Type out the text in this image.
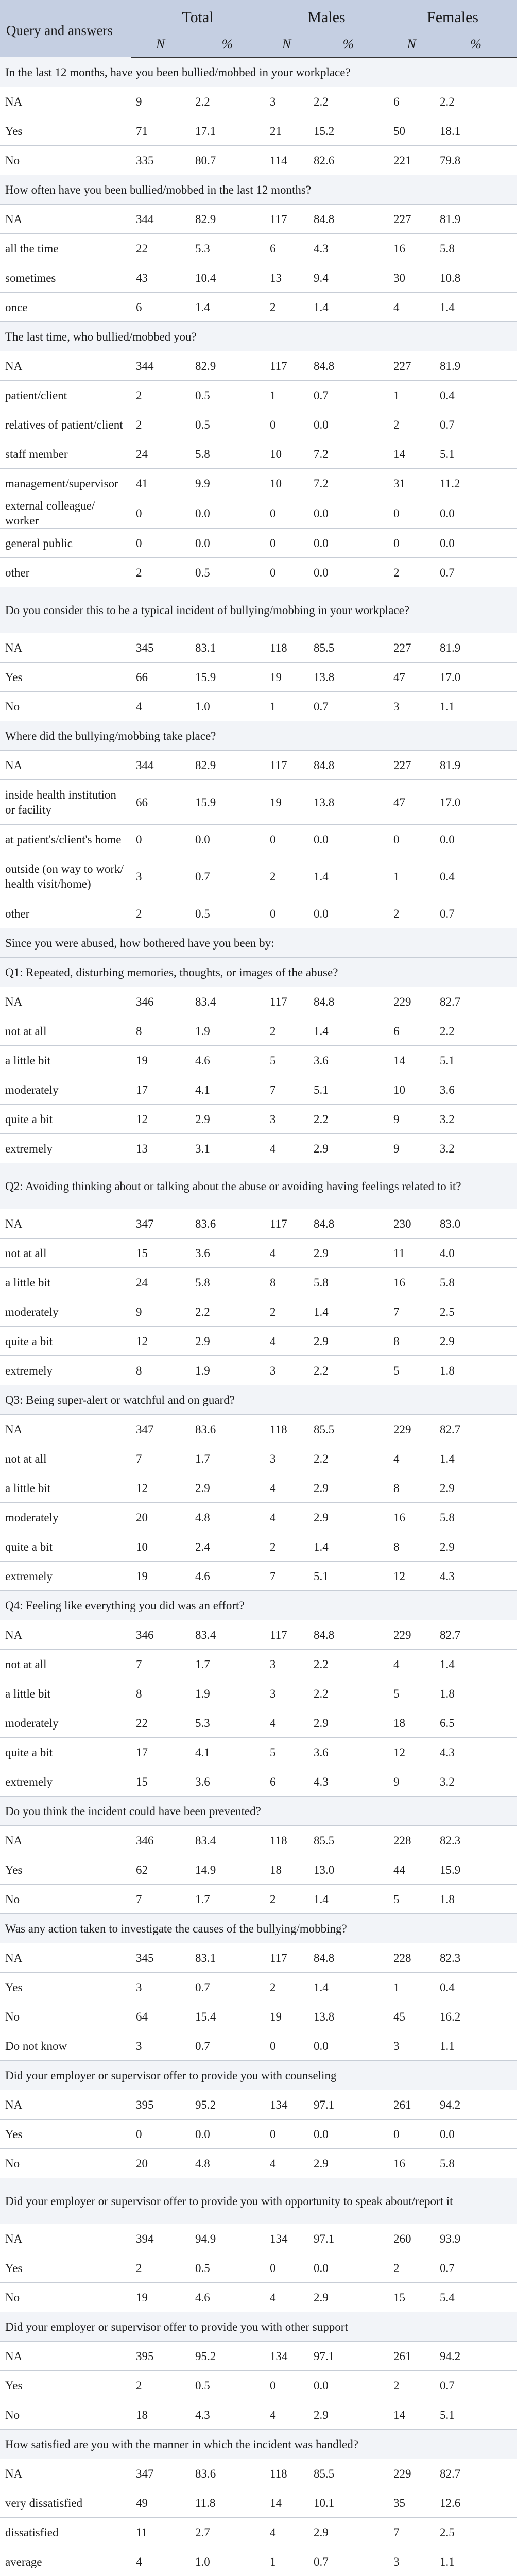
Query and answers	Total		Males		Females	
	N	%	N	%	N	%
In the last 12 months, have you been bullied/mobbed in your workplace?						
NA	9	2.2	3	2.2	6	2.2
Yes	71	17.1	21	15.2	50	18.1
No	335	80.7	114	82.6	221	79.8
How often have you been bullied/mobbed in the last 12 months?						
NA	344	82.9	117	84.8	227	81.9
all the time	22	5.3	6	4.3	16	5.8
sometimes	43	10.4	13	9.4	30	10.8
once	6	1.4	2	1.4	4	1.4
The last time, who bullied/mobbed you?						
NA	344	82.9	117	84.8	227	81.9
patient/client	2	0.5	1	0.7	1	0.4
relatives of patient/client	2	0.5	0	0.0	2	0.7
staff member	24	5.8	10	7.2	14	5.1
management/supervisor	41	9.9	10	7.2	31	11.2
external colleague/ worker	0	0.0	0	0.0	0	0.0
general public	0	0.0	0	0.0	0	0.0
other	2	0.5	0	0.0	2	0.7
Do you consider this to be a typical incident of bullying/mobbing in your workplace?						
NA	345	83.1	118	85.5	227	81.9
Yes	66	15.9	19	13.8	47	17.0
No	4	1.0	1	0.7	3	1.1
Where did the bullying/mobbing take place?						
NA	344	82.9	117	84.8	227	81.9
inside health institution or facility	66	15.9	19	13.8	47	17.0
at patient's/client's home	0	0.0	0	0.0	0	0.0
outside (on way to work/ health visit/home)	3	0.7	2	1.4	1	0.4
other	2	0.5	0	0.0	2	0.7
Since you were abused, how bothered have you been by:						
Q1: Repeated, disturbing memories, thoughts, or images of the abuse?						
NA	346	83.4	117	84.8	229	82.7
not at all	8	1.9	2	1.4	6	2.2
a little bit	19	4.6	5	3.6	14	5.1
moderately	17	4.1	7	5.1	10	3.6
quite a bit	12	2.9	3	2.2	9	3.2
extremely	13	3.1	4	2.9	9	3.2
Q2: Avoiding thinking about or talking about the abuse or avoiding having feelings related to it?						
NA	347	83.6	117	84.8	230	83.0
not at all	15	3.6	4	2.9	11	4.0
a little bit	24	5.8	8	5.8	16	5.8
moderately	9	2.2	2	1.4	7	2.5
quite a bit	12	2.9	4	2.9	8	2.9
extremely	8	1.9	3	2.2	5	1.8
Q3: Being super-alert or watchful and on guard?						
NA	347	83.6	118	85.5	229	82.7
not at all	7	1.7	3	2.2	4	1.4
a little bit	12	2.9	4	2.9	8	2.9
moderately	20	4.8	4	2.9	16	5.8
quite a bit	10	2.4	2	1.4	8	2.9
extremely	19	4.6	7	5.1	12	4.3
Q4: Feeling like everything you did was an effort?						
NA	346	83.4	117	84.8	229	82.7
not at all	7	1.7	3	2.2	4	1.4
a little bit	8	1.9	3	2.2	5	1.8
moderately	22	5.3	4	2.9	18	6.5
quite a bit	17	4.1	5	3.6	12	4.3
extremely	15	3.6	6	4.3	9	3.2
Do you think the incident could have been prevented?						
NA	346	83.4	118	85.5	228	82.3
Yes	62	14.9	18	13.0	44	15.9
No	7	1.7	2	1.4	5	1.8
Was any action taken to investigate the causes of the bullying/mobbing?						
NA	345	83.1	117	84.8	228	82.3
Yes	3	0.7	2	1.4	1	0.4
No	64	15.4	19	13.8	45	16.2
Do not know	3	0.7	0	0.0	3	1.1
Did your employer or supervisor offer to provide you with counseling						
NA	395	95.2	134	97.1	261	94.2
Yes	0	0.0	0	0.0	0	0.0
No	20	4.8	4	2.9	16	5.8
Did your employer or supervisor offer to provide you with opportunity to speak about/report it						
NA	394	94.9	134	97.1	260	93.9
Yes	2	0.5	0	0.0	2	0.7
No	19	4.6	4	2.9	15	5.4
Did your employer or supervisor offer to provide you with other support						
NA	395	95.2	134	97.1	261	94.2
Yes	2	0.5	0	0.0	2	0.7
No	18	4.3	4	2.9	14	5.1
How satisfied are you with the manner in which the incident was handled?						
NA	347	83.6	118	85.5	229	82.7
very dissatisfied	49	11.8	14	10.1	35	12.6
dissatisfied	11	2.7	4	2.9	7	2.5
average	4	1.0	1	0.7	3	1.1
